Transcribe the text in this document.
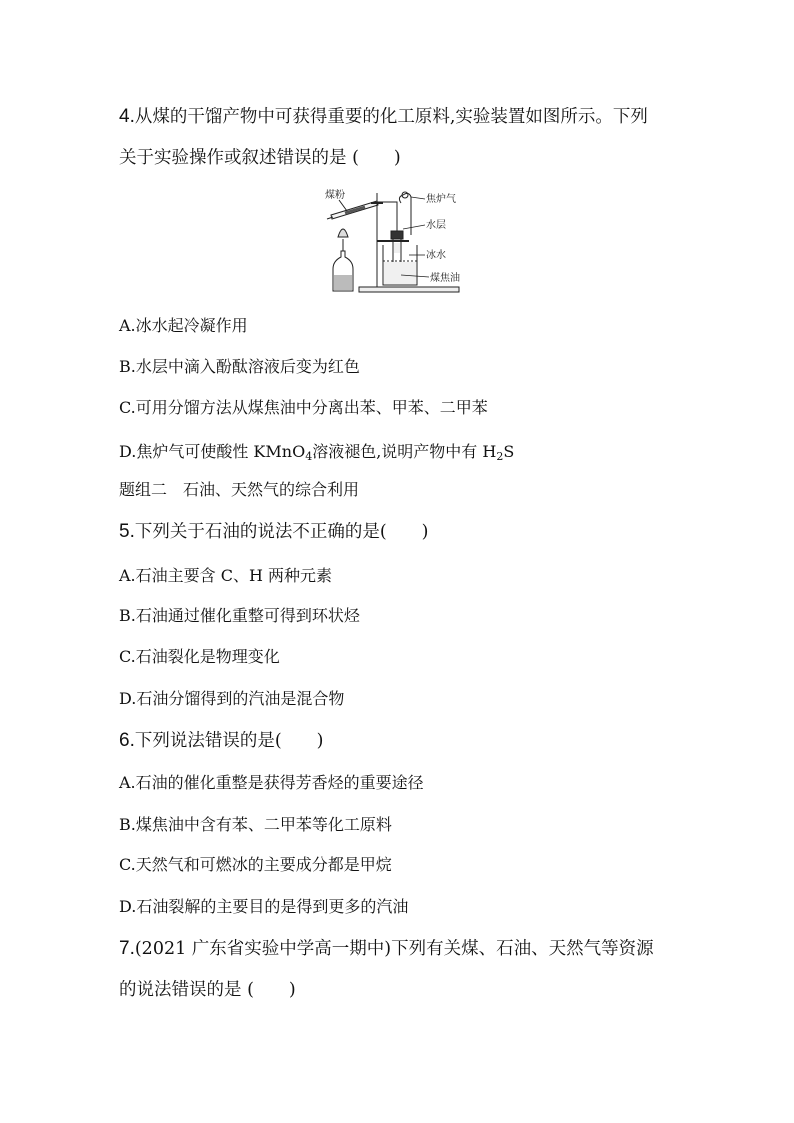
4.从煤的干馏产物中可获得重要的化工原料,实验装置如图所示。下列
关于实验操作或叙述错误的是 (　　)
煤粉	焦炉气
水层
冰水
煤焦油
A.冰水起冷凝作用
B.水层中滴入酚酞溶液后变为红色
C.可用分馏方法从煤焦油中分离出苯、甲苯、二甲苯
D.焦炉气可使酸性 KMnO$_4$溶液褪色,说明产物中有 $H_2S$
题组二　石油、天然气的综合利用
5.下列关于石油的说法不正确的是(　　)
A.石油主要含 C、H 两种元素
B.石油通过催化重整可得到环状烃
C.石油裂化是物理变化
D.石油分馏得到的汽油是混合物
6.下列说法错误的是(　　)
A.石油的催化重整是获得芳香烃的重要途径
B.煤焦油中含有苯、二甲苯等化工原料
C.天然气和可燃冰的主要成分都是甲烷
D.石油裂解的主要目的是得到更多的汽油
7.(2021 广东省实验中学高一期中)下列有关煤、石油、天然气等资源
的说法错误的是 (　　)
